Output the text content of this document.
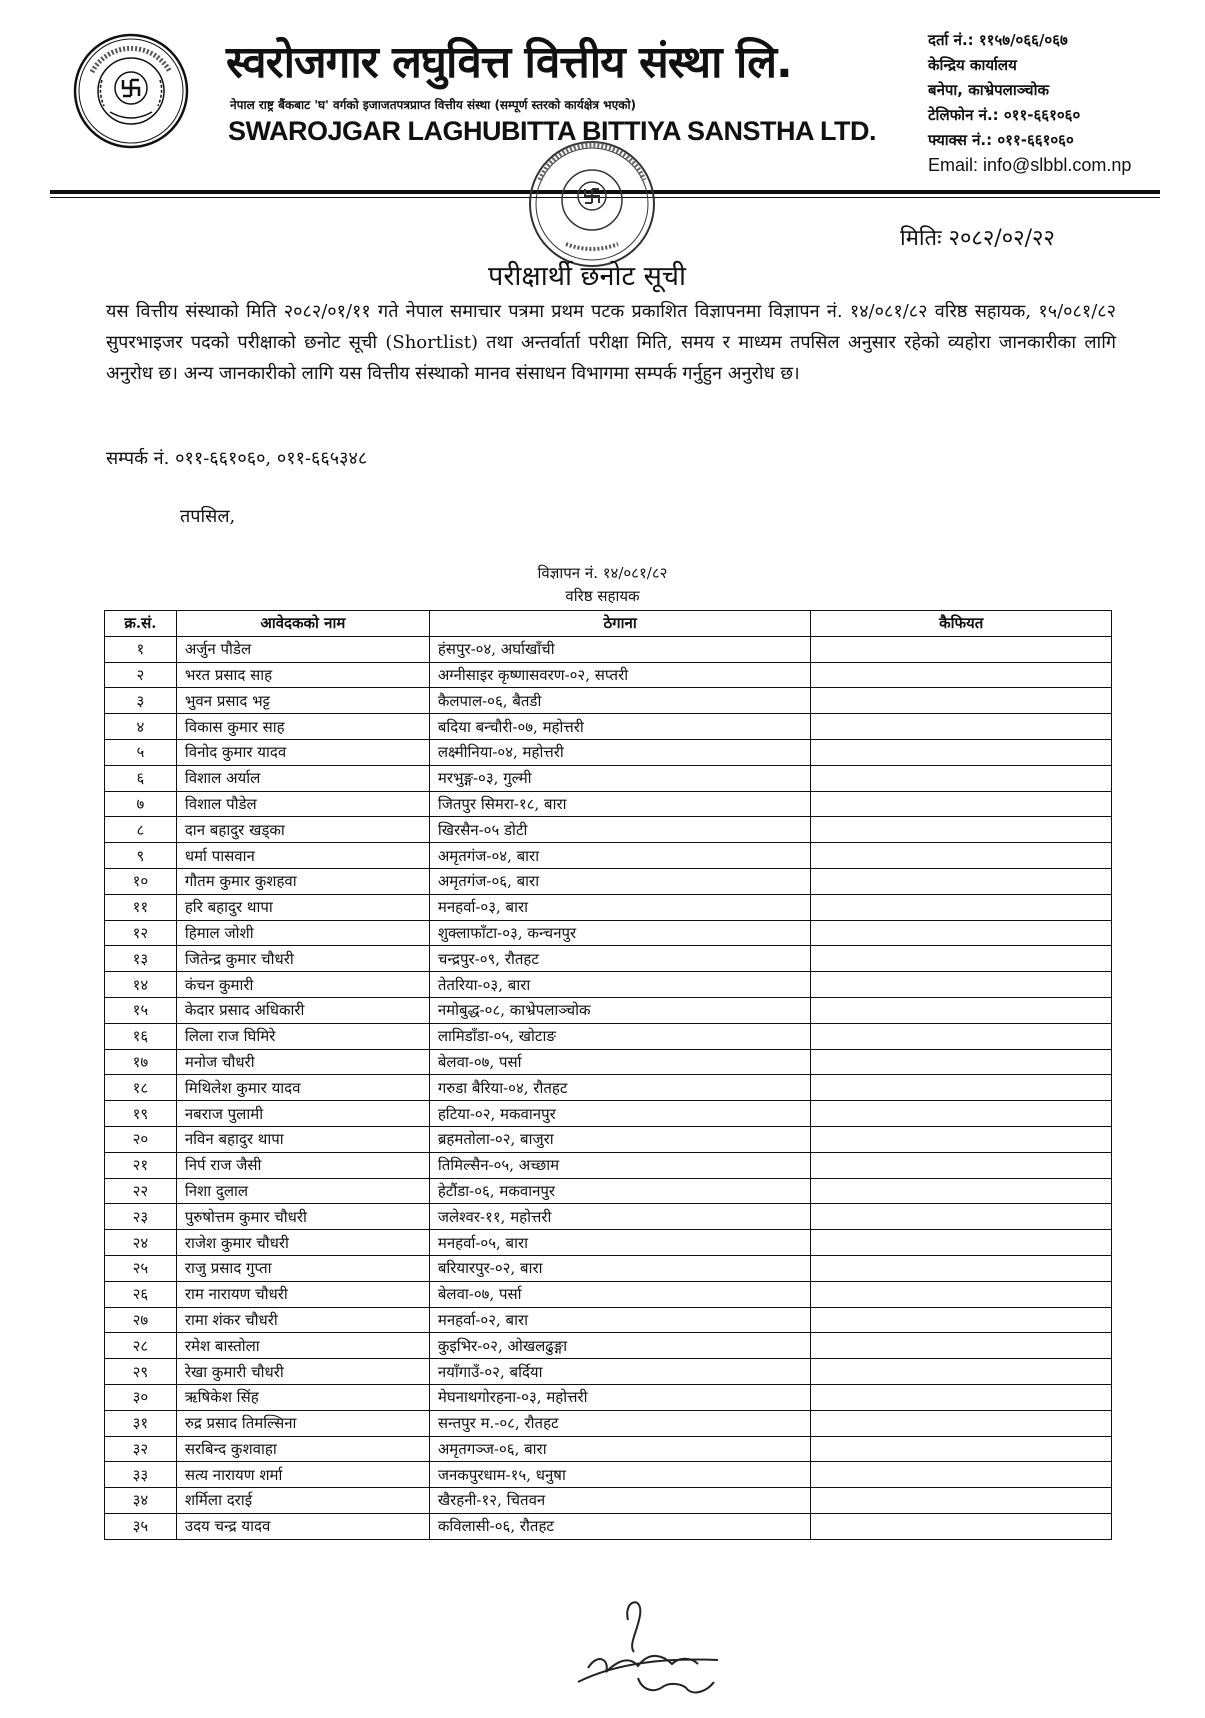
स्वरोजगार लघुवित्त वित्तीय संस्था लि.
नेपाल राष्ट्र बैंकबाट 'घ' वर्गको इजाजतपत्रप्राप्त वित्तीय संस्था (सम्पूर्ण स्तरको कार्यक्षेत्र भएको)
SWAROJGAR LAGHUBITTA BITTIYA SANSTHA LTD.
दर्ता नं.: ११५७/०६६/०६७
केन्द्रिय कार्यालय
बनेपा, काभ्रेपलाञ्चोक
टेलिफोन नं.: ०११-६६१०६०
फ्याक्स नं.: ०११-६६१०६०
Email: info@slbbl.com.np
मितिः २०८२/०२/२२
परीक्षार्थी छनोट सूची
यस वित्तीय संस्थाको मिति २०८२/०१/११ गते नेपाल समाचार पत्रमा प्रथम पटक प्रकाशित विज्ञापनमा विज्ञापन नं. १४/०८१/८२ वरिष्ठ सहायक, १५/०८१/८२ सुपरभाइजर पदको परीक्षाको छनोट सूची (Shortlist) तथा अन्तर्वार्ता परीक्षा मिति, समय र माध्यम तपसिल अनुसार रहेको व्यहोरा जानकारीका लागि अनुरोध छ। अन्य जानकारीको लागि यस वित्तीय संस्थाको मानव संसाधन विभागमा सम्पर्क गर्नुहुन अनुरोध छ।
सम्पर्क नं. ०११-६६१०६०, ०११-६६५३४८
तपसिल,
विज्ञापन नं. १४/०८१/८२
वरिष्ठ सहायक
क्र.सं.	आवेदकको नाम	ठेगाना	कैफियत
१	अर्जुन पौडेल	हंसपुर-०४, अर्घाखाँची	
२	भरत प्रसाद साह	अग्नीसाइर कृष्णासवरण-०२, सप्तरी	
३	भुवन प्रसाद भट्ट	कैलपाल-०६, बैतडी	
४	विकास कुमार साह	बदिया बन्चौरी-०७, महोत्तरी	
५	विनोद कुमार यादव	लक्ष्मीनिया-०४, महोत्तरी	
६	विशाल अर्याल	मरभुङ्ग-०३, गुल्मी	
७	विशाल पौडेल	जितपुर सिमरा-१८, बारा	
८	दान बहादुर खड्का	खिरसैन-०५ डोटी	
९	धर्मा पासवान	अमृतगंज-०४, बारा	
१०	गौतम कुमार कुशहवा	अमृतगंज-०६, बारा	
११	हरि बहादुर थापा	मनहर्वा-०३, बारा	
१२	हिमाल जोशी	शुक्लाफाँटा-०३, कन्चनपुर	
१३	जितेन्द्र कुमार चौधरी	चन्द्रपुर-०९, रौतहट	
१४	कंचन कुमारी	तेतरिया-०३, बारा	
१५	केदार प्रसाद अधिकारी	नमोबुद्ध-०८, काभ्रेपलाञ्चोक	
१६	लिला राज घिमिरे	लामिडाँडा-०५, खोटाङ	
१७	मनोज चौधरी	बेलवा-०७, पर्सा	
१८	मिथिलेश कुमार यादव	गरुडा बैरिया-०४, रौतहट	
१९	नबराज पुलामी	हटिया-०२, मकवानपुर	
२०	नविन बहादुर थापा	ब्रहमतोला-०२, बाजुरा	
२१	निर्प राज जैसी	तिमिल्सैन-०५, अच्छाम	
२२	निशा दुलाल	हेटौंडा-०६, मकवानपुर	
२३	पुरुषोत्तम कुमार चौधरी	जलेश्वर-११, महोत्तरी	
२४	राजेश कुमार चौधरी	मनहर्वा-०५, बारा	
२५	राजु प्रसाद गुप्ता	बरियारपुर-०२, बारा	
२६	राम नारायण चौधरी	बेलवा-०७, पर्सा	
२७	रामा शंकर चौधरी	मनहर्वा-०२, बारा	
२८	रमेश बास्तोला	कुइभिर-०२, ओखलढुङ्गा	
२९	रेखा कुमारी चौधरी	नयाँगाउँ-०२, बर्दिया	
३०	ऋषिकेश सिंह	मेघनाथगोरहना-०३, महोत्तरी	
३१	रुद्र प्रसाद तिमल्सिना	सन्तपुर म.-०८, रौतहट	
३२	सरबिन्द कुशवाहा	अमृतगञ्ज-०६, बारा	
३३	सत्य नारायण शर्मा	जनकपुरधाम-१५, धनुषा	
३४	शर्मिला दराई	खैरहनी-१२, चितवन	
३५	उदय चन्द्र यादव	कविलासी-०६, रौतहट	
